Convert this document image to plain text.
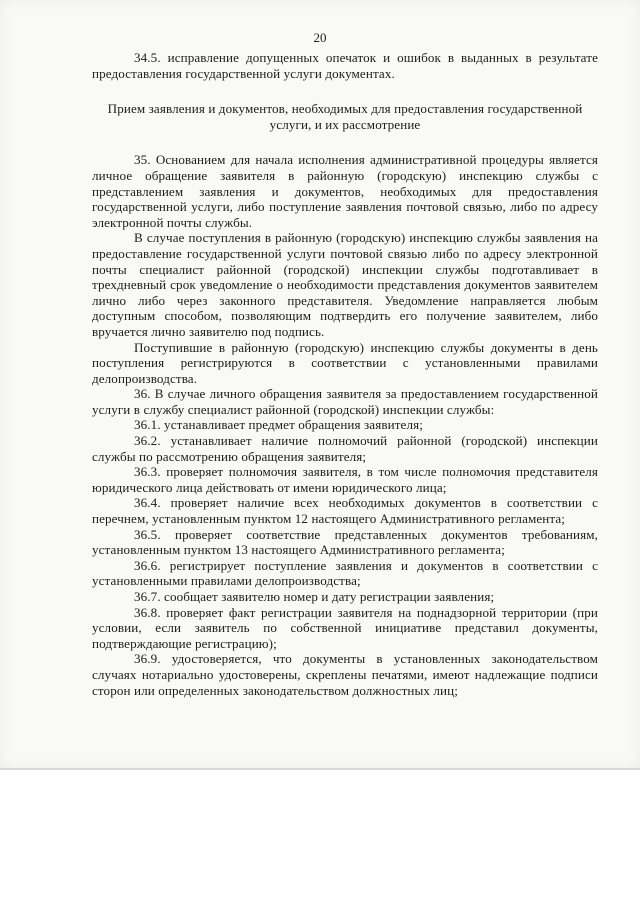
20

34.5. исправление допущенных опечаток и ошибок в выданных в результате предоставления государственной услуги документах.

Прием заявления и документов, необходимых для предоставления государственной услуги, и их рассмотрение

35. Основанием для начала исполнения административной процедуры является личное обращение заявителя в районную (городскую) инспекцию службы с представлением заявления и документов, необходимых для предоставления государственной услуги, либо поступление заявления почтовой связью, либо по адресу электронной почты службы.

В случае поступления в районную (городскую) инспекцию службы заявления на предоставление государственной услуги почтовой связью либо по адресу электронной почты специалист районной (городской) инспекции службы подготавливает в трехдневный срок уведомление о необходимости представления документов заявителем лично либо через законного представителя. Уведомление направляется любым доступным способом, позволяющим подтвердить его получение заявителем, либо вручается лично заявителю под подпись.

Поступившие в районную (городскую) инспекцию службы документы в день поступления регистрируются в соответствии с установленными правилами делопроизводства.

36. В случае личного обращения заявителя за предоставлением государственной услуги в службу специалист районной (городской) инспекции службы:

36.1. устанавливает предмет обращения заявителя;

36.2. устанавливает наличие полномочий районной (городской) инспекции службы по рассмотрению обращения заявителя;

36.3. проверяет полномочия заявителя, в том числе полномочия представителя юридического лица действовать от имени юридического лица;

36.4. проверяет наличие всех необходимых документов в соответствии с перечнем, установленным пунктом 12 настоящего Административного регламента;

36.5. проверяет соответствие представленных документов требованиям, установленным пунктом 13 настоящего Административного регламента;

36.6. регистрирует поступление заявления и документов в соответствии с установленными правилами делопроизводства;

36.7. сообщает заявителю номер и дату регистрации заявления;

36.8. проверяет факт регистрации заявителя на поднадзорной территории (при условии, если заявитель по собственной инициативе представил документы, подтверждающие регистрацию);

36.9. удостоверяется, что документы в установленных законодательством случаях нотариально удостоверены, скреплены печатями, имеют надлежащие подписи сторон или определенных законодательством должностных лиц;
